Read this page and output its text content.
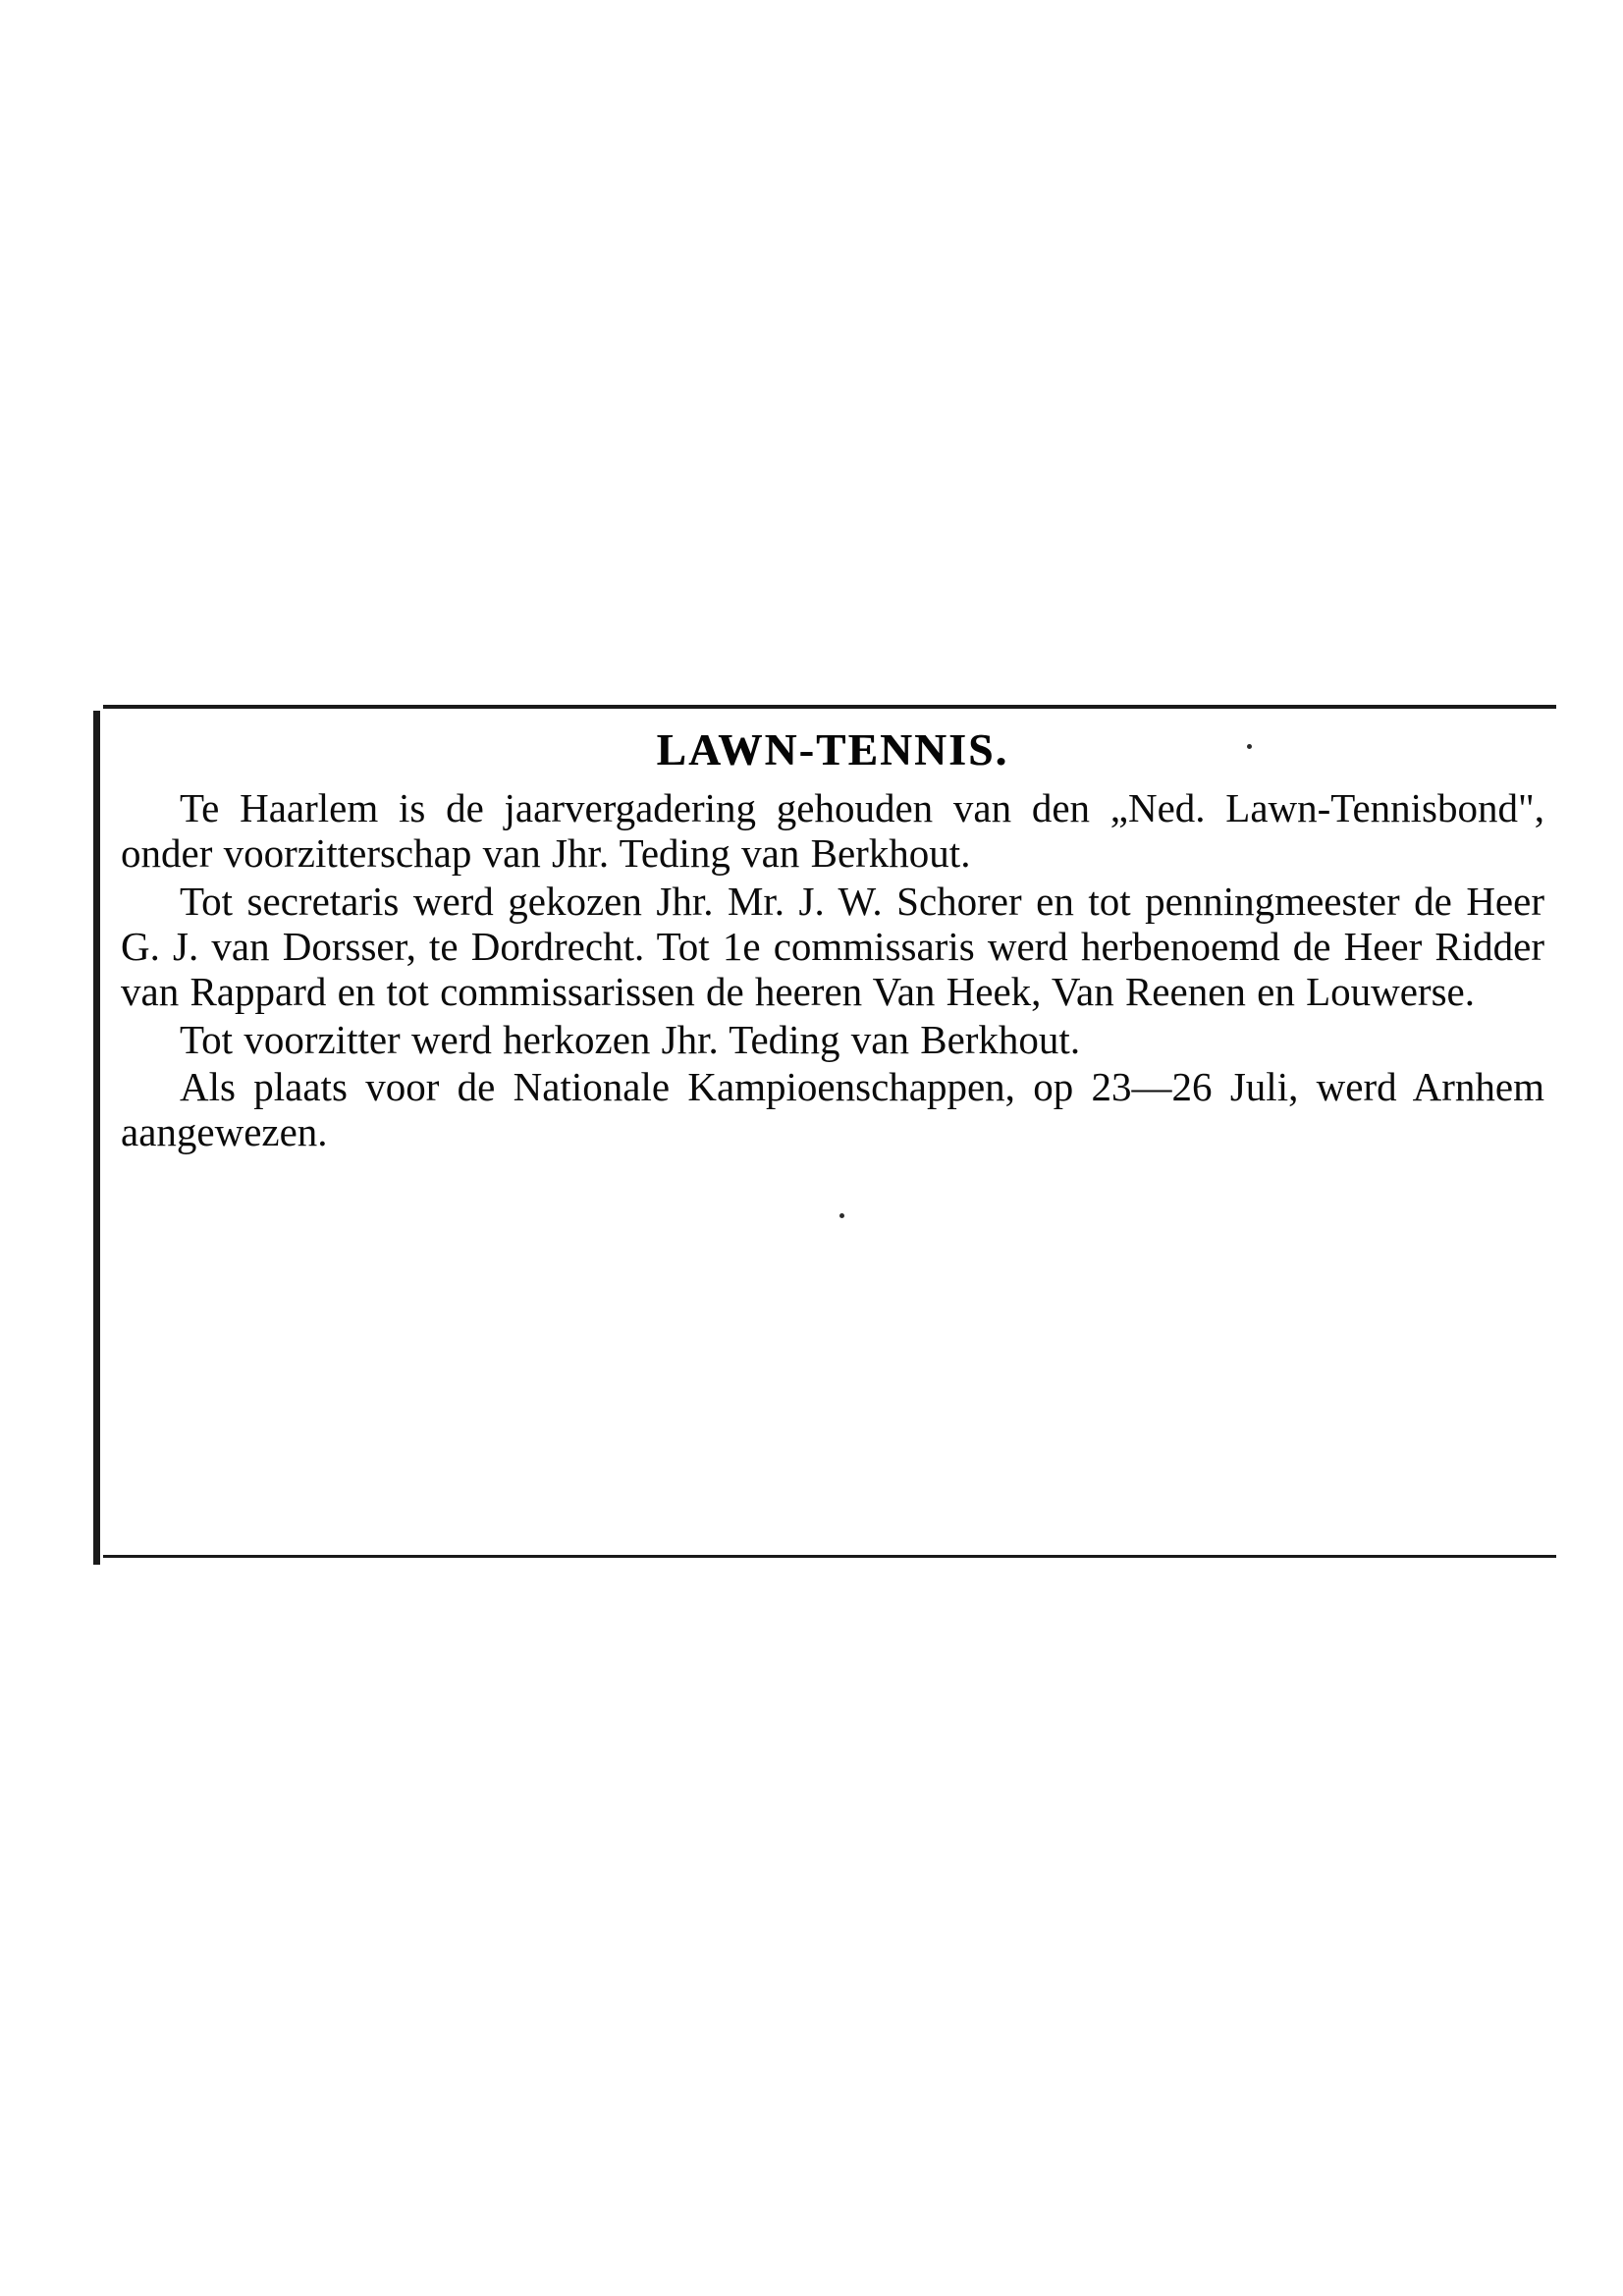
LAWN-TENNIS.

Te Haarlem is de jaarvergadering gehouden van den „Ned. Lawn-Tennisbond", onder voorzitterschap van Jhr. Teding van Berkhout.

Tot secretaris werd gekozen Jhr. Mr. J. W. Schorer en tot penningmeester de Heer G. J. van Dorsser, te Dordrecht. Tot 1e commissaris werd herbenoemd de Heer Ridder van Rappard en tot commissarissen de heeren Van Heek, Van Reenen en Louwerse.

Tot voorzitter werd herkozen Jhr. Teding van Berkhout.

Als plaats voor de Nationale Kampioenschappen, op 23—26 Juli, werd Arnhem aangewezen.
